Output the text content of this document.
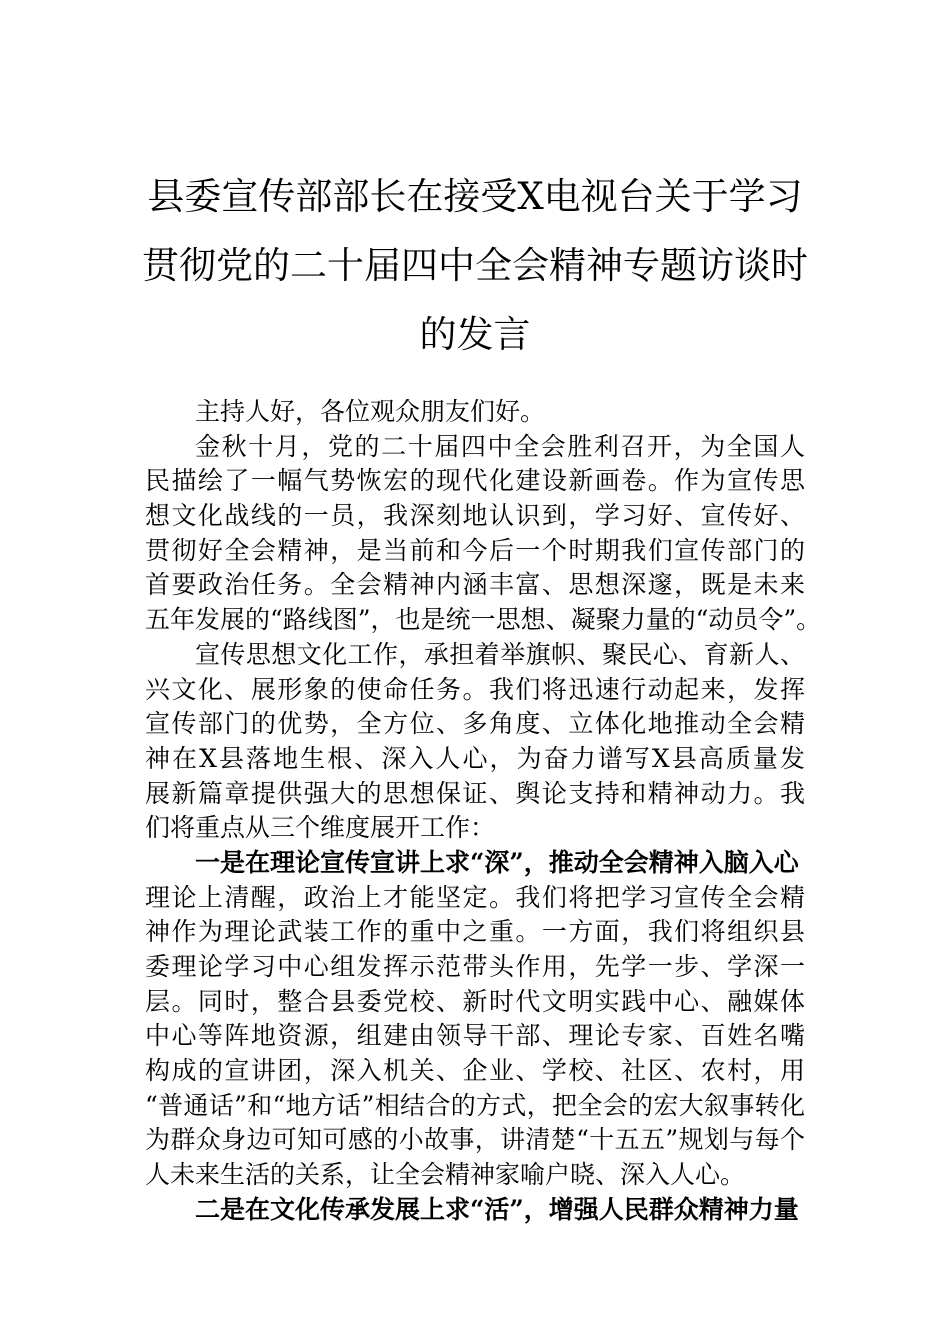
县委宣传部部长在接受X电视台关于学习
贯彻党的二十届四中全会精神专题访谈时
的发言
主持人好，各位观众朋友们好。
金秋十月，党的二十届四中全会胜利召开，为全国人
民描绘了一幅气势恢宏的现代化建设新画卷。作为宣传思
想文化战线的一员，我深刻地认识到，学习好、宣传好、
贯彻好全会精神，是当前和今后一个时期我们宣传部门的
首要政治任务。全会精神内涵丰富、思想深邃，既是未来
五年发展的“路线图”，也是统一思想、凝聚力量的“动员令”。
宣传思想文化工作，承担着举旗帜、聚民心、育新人、
兴文化、展形象的使命任务。我们将迅速行动起来，发挥
宣传部门的优势，全方位、多角度、立体化地推动全会精
神在X县落地生根、深入人心，为奋力谱写X县高质量发
展新篇章提供强大的思想保证、舆论支持和精神动力。我
们将重点从三个维度展开工作：
一是在理论宣传宣讲上求“深”，推动全会精神入脑入心
理论上清醒，政治上才能坚定。我们将把学习宣传全会精
神作为理论武装工作的重中之重。一方面，我们将组织县
委理论学习中心组发挥示范带头作用，先学一步、学深一
层。同时，整合县委党校、新时代文明实践中心、融媒体
中心等阵地资源，组建由领导干部、理论专家、百姓名嘴
构成的宣讲团，深入机关、企业、学校、社区、农村，用
“普通话”和“地方话”相结合的方式，把全会的宏大叙事转化
为群众身边可知可感的小故事，讲清楚“十五五”规划与每个
人未来生活的关系，让全会精神家喻户晓、深入人心。
二是在文化传承发展上求“活”，增强人民群众精神力量
